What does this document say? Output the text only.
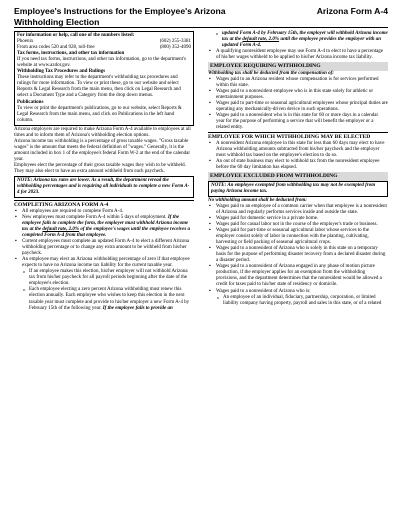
Employee's Instructions for the Employee's Arizona Withholding Election
Arizona Form A-4

For information or help, call one of the numbers listed:

Phoenix	(602) 255-3381
From area codes 520 and 928, toll-free	(800) 352-4090

Tax forms, instructions, and other tax information

If you need tax forms, instructions, and other tax information, go to the department's website at www.azdor.gov.

Withholding Tax Procedures and Rulings

These instructions may refer to the department's withholding tax procedures and rulings for more information. To view or print these, go to our website and select Reports & Legal Research from the main menu, then click on Legal Research and select a Document Type and a Category from the drop down menus.

Publications

To view or print the department's publications, go to our website, select Reports & Legal Research from the main menu, and click on Publications in the left hand column.

Arizona employers are required to make Arizona Form A-4 available to employees at all times and to inform them of Arizona's withholding election options.

Arizona income tax withholding is a percentage of gross taxable wages. "Gross taxable wages" is the amount that meets the federal definition of "wages." Generally, it is the amount included in box 1 of the employee's federal Form W-2 at the end of the calendar year.

Employees elect the percentage of their gross taxable wages they wish to be withheld. They may also elect to have an extra amount withheld from each paycheck.

NOTE: Arizona tax rates are lower. As a result, the department reread the withholding percentages and is requiring all individuals to complete a new Form A-4 for 2023.

COMPLETING ARIZONA FORM A-4

▪ All employees are required to complete Form A-4.
▪ New employees must complete Form A-4 within 5 days of employment. If the employee fails to complete the form, the employer must withhold Arizona income tax at the default rate, 2.0% of the employee's wages until the employee receives a completed Form A-4 from that employee.
▪ Current employees must complete an updated Form A-4 to elect a different Arizona withholding percentage or to change any extra amount to be withheld from his/her paycheck.
▪ An employee may elect an Arizona withholding percentage of zero if that employee expects to have no Arizona income tax liability for the current taxable year.
o If an employee makes this election, his/her employer will not withhold Arizona tax from his/her paycheck for all payroll periods beginning after the date of the employee's election.
o Each employee electing a zero percent Arizona withholding must renew this election annually. Each employee who wishes to keep this election in the next taxable year must complete and provide to his/her employer a new Form A-4 by February 15th of the following year. If the employee fails to provide an
o updated Form A-4 by February 15th, the employer will withhold Arizona income tax at the default rate, 2.0% until the employee provides the employer with an updated Form A-4.
▪ A qualifying nonresident employee may use Form A-4 to elect to have a percentage of his/her wages withheld to be applied to his/her Arizona income tax liability.

EMPLOYEE REQUIRING WITHHOLDING

Withholding tax shall be deducted from the compensation of:

▪ Wages paid to an Arizona resident whose compensation is for services performed within this state.
▪ Wages paid to a nonresident employee who is in this state solely for athletic or entertainment purposes.
▪ Wages paid to part-time or seasonal agricultural employees whose principal duties are operating any mechanically-driven device in such operations.
▪ Wages paid to a nonresident who is in this state for 60 or more days in a calendar year for the purpose of performing a service that will benefit the employer or a related entity.

EMPLOYEE FOR WHICH WITHHOLDING MAY BE ELECTED

▪ A nonresident Arizona employee in this state for less than 60 days may elect to have Arizona withholding amounts subtracted from his/her paycheck and the employer must withhold tax based on the employee's election to do so.
▪ An out of state business may elect to withhold tax from the nonresident employee before the 60 day limitation has elapsed.

EMPLOYEE EXCLUDED FROM WITHHOLDING

NOTE: An employee exempted from withholding tax may not be exempted from paying Arizona income tax.

No withholding amount shall be deducted from:

▪ Wages paid to an employee of a common carrier when that employee is a nonresident of Arizona and regularly performs services inside and outside the state.
▪ Wages paid for domestic service in a private home.
▪ Wages paid for casual labor not in the course of the employer's trade or business.
▪ Wages paid for part-time or seasonal agricultural labor whose services to the employer consist solely of labor in connection with the planting, cultivating, harvesting or field packing of seasonal agricultural crops.
▪ Wages paid to a nonresident of Arizona who is solely in this state on a temporary basis for the purpose of performing disaster recovery from a declared disaster during a disaster period.
▪ Wages paid to a nonresident of Arizona engaged in any phase of motion picture production, if the employer applies for an exemption from the withholding provisions, and the department determines that the nonresident would be allowed a credit for taxes paid to his/her state of residency or domicile.
▪ Wages paid to a nonresident of Arizona who is:
o An employee of an individual, fiduciary, partnership, corporation, or limited liability company having property, payroll and sales in this state, or of a related
